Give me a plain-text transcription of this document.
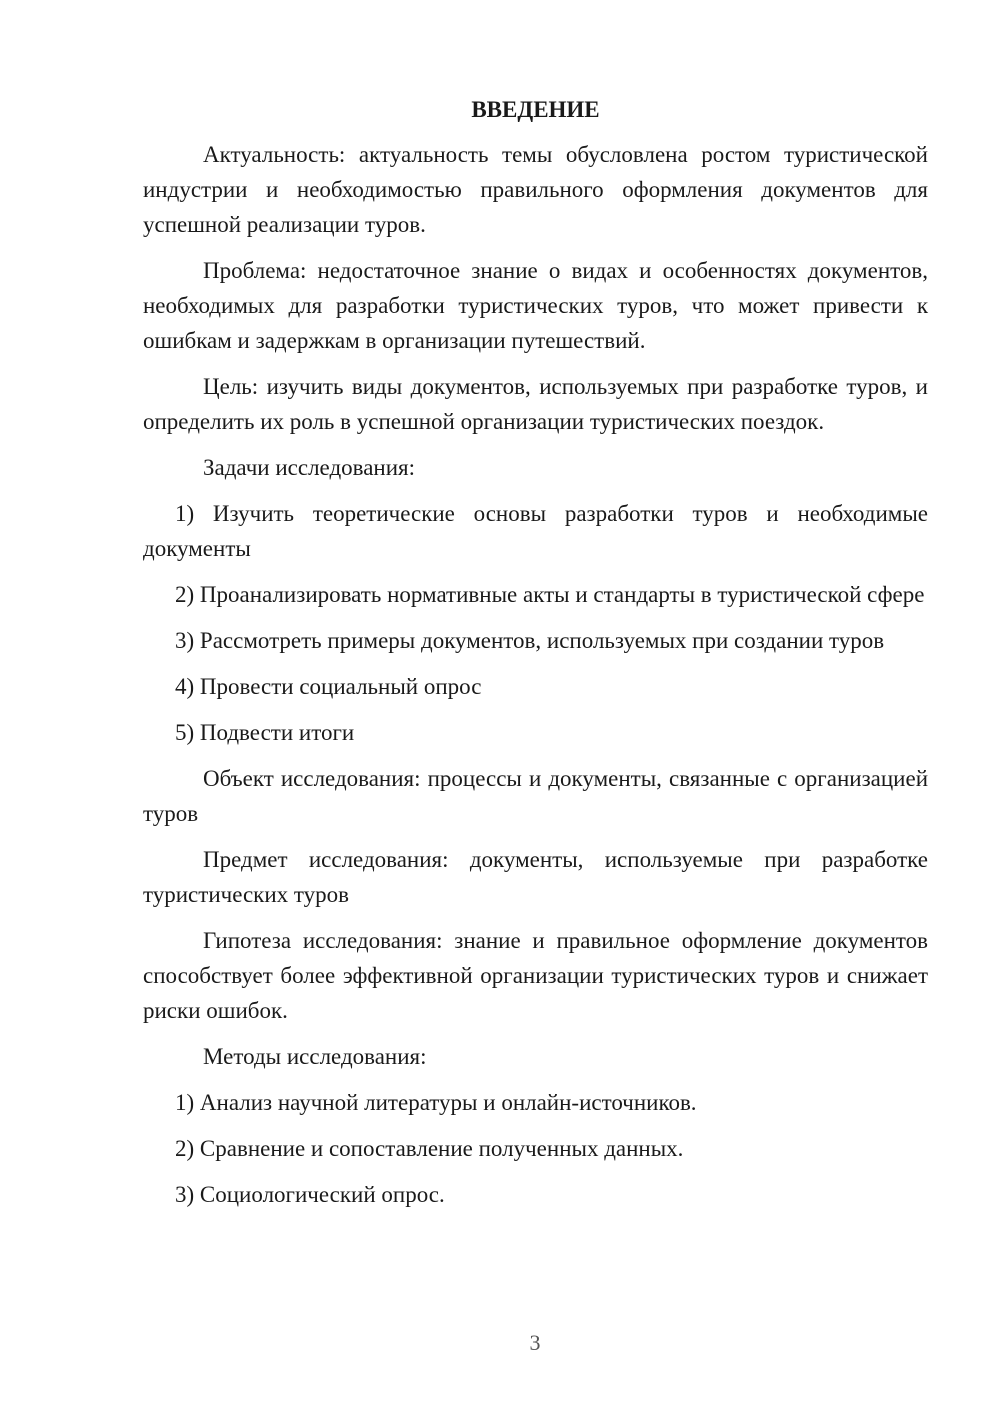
ВВЕДЕНИЕ
Актуальность: актуальность темы обусловлена ростом туристической индустрии и необходимостью правильного оформления документов для успешной реализации туров.
Проблема: недостаточное знание о видах и особенностях документов, необходимых для разработки туристических туров, что может привести к ошибкам и задержкам в организации путешествий.
Цель: изучить виды документов, используемых при разработке туров, и определить их роль в успешной организации туристических поездок.
Задачи исследования:
1) Изучить теоретические основы разработки туров и необходимые документы
2) Проанализировать нормативные акты и стандарты в туристической сфере
3) Рассмотреть примеры документов, используемых при создании туров
4) Провести социальный опрос
5) Подвести итоги
Объект исследования: процессы и документы, связанные с организацией туров
Предмет исследования: документы, используемые при разработке туристических туров
Гипотеза исследования: знание и правильное оформление документов способствует более эффективной организации туристических туров и снижает риски ошибок.
Методы исследования:
1) Анализ научной литературы и онлайн-источников.
2) Сравнение и сопоставление полученных данных.
3) Социологический опрос.
3
